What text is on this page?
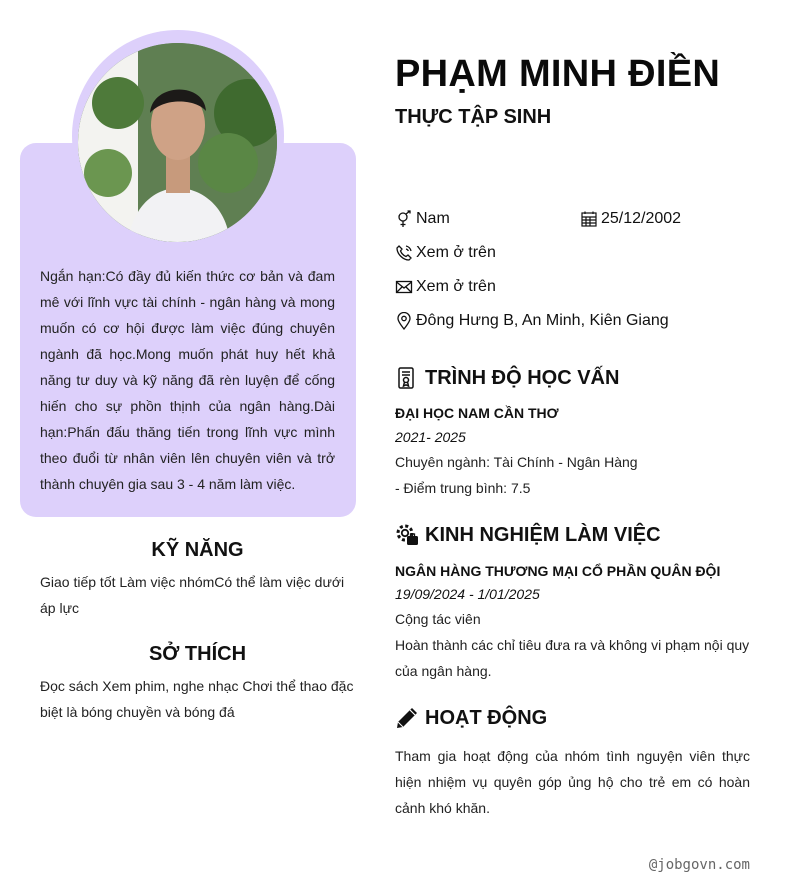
Ngắn hạn:Có đầy đủ kiến thức cơ bản và đam mê với lĩnh vực tài chính - ngân hàng và mong muốn có cơ hội được làm việc đúng chuyên ngành đã học.Mong muốn phát huy hết khả năng tư duy và kỹ năng đã rèn luyện để cống hiến cho sự phồn thịnh của ngân hàng.Dài hạn:Phấn đấu thăng tiến trong lĩnh vực mình theo đuổi từ nhân viên lên chuyên viên và trở thành chuyên gia sau 3 - 4 năm làm việc.
KỸ NĂNG
Giao tiếp tốt Làm việc nhómCó thể làm việc dưới áp lực
SỞ THÍCH
Đọc sách Xem phim, nghe nhạc Chơi thể thao đặc biệt là bóng chuyền và bóng đá
PHẠM MINH ĐIỀN
THỰC TẬP SINH
Nam	25/12/2002
Xem ở trên
Xem ở trên
Đông Hưng B, An Minh, Kiên Giang
TRÌNH ĐỘ HỌC VẤN
ĐẠI HỌC NAM CẦN THƠ
2021- 2025
Chuyên ngành: Tài Chính - Ngân Hàng
- Điểm trung bình: 7.5
KINH NGHIỆM LÀM VIỆC
NGÂN HÀNG THƯƠNG MẠI CỔ PHẦN QUÂN ĐỘI
19/09/2024 - 1/01/2025
Cộng tác viên
Hoàn thành các chỉ tiêu đưa ra và không vi phạm nội quy của ngân hàng.
HOẠT ĐỘNG
Tham gia hoạt động của nhóm tình nguyện viên thực hiện nhiệm vụ quyên góp ủng hộ cho trẻ em có hoàn cảnh khó khăn.
@jobgovn.com
